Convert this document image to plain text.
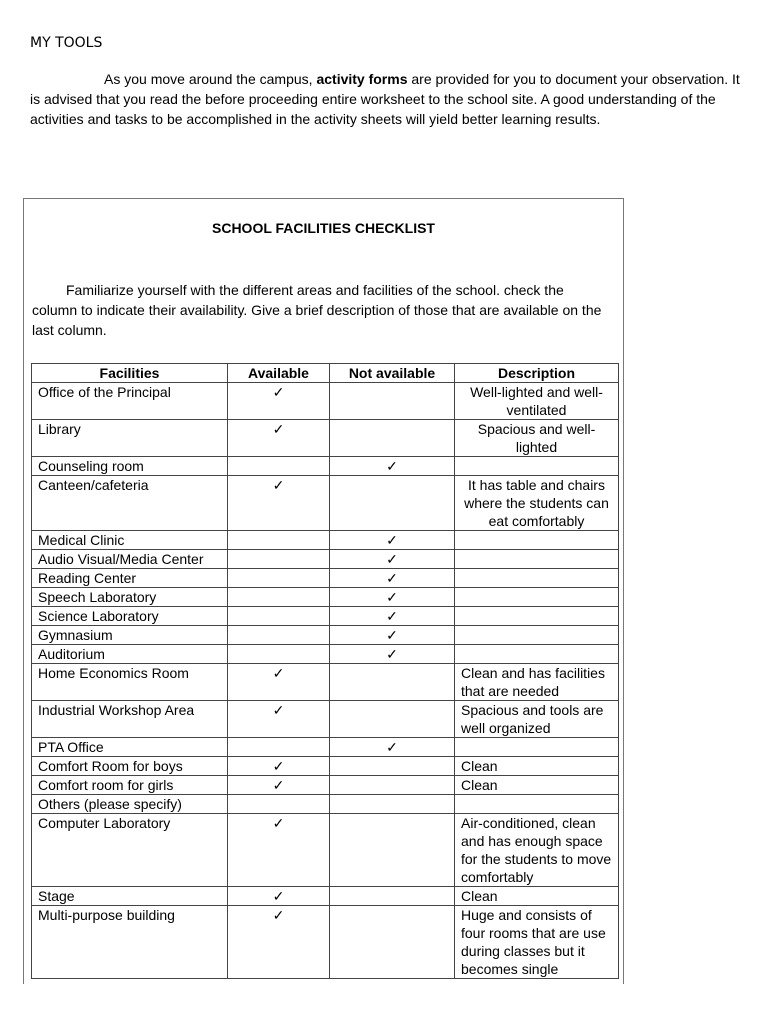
MY TOOLS
As you move around the campus, activity forms are provided for you to document your observation. It is advised that you read the before proceeding entire worksheet to the school site. A good understanding of the activities and tasks to be accomplished in the activity sheets will yield better learning results.
SCHOOL FACILITIES CHECKLIST
Familiarize yourself with the different areas and facilities of the school. check the column to indicate their availability. Give a brief description of those that are available on the last column.
Facilities	Available	Not available	Description
Office of the Principal	✓		Well-lighted and well-ventilated
Library	✓		Spacious and well-lighted
Counseling room		✓	
Canteen/cafeteria	✓		It has table and chairs where the students can eat comfortably
Medical Clinic		✓	
Audio Visual/Media Center		✓	
Reading Center		✓	
Speech Laboratory		✓	
Science Laboratory		✓	
Gymnasium		✓	
Auditorium		✓	
Home Economics Room	✓		Clean and has facilities that are needed
Industrial Workshop Area	✓		Spacious and tools are well organized
PTA Office		✓	
Comfort Room for boys	✓		Clean
Comfort room for girls	✓		Clean
Others (please specify)			
Computer Laboratory	✓		Air-conditioned, clean and has enough space for the students to move comfortably
Stage	✓		Clean
Multi-purpose building	✓		Huge and consists of four rooms that are use during classes but it becomes single
